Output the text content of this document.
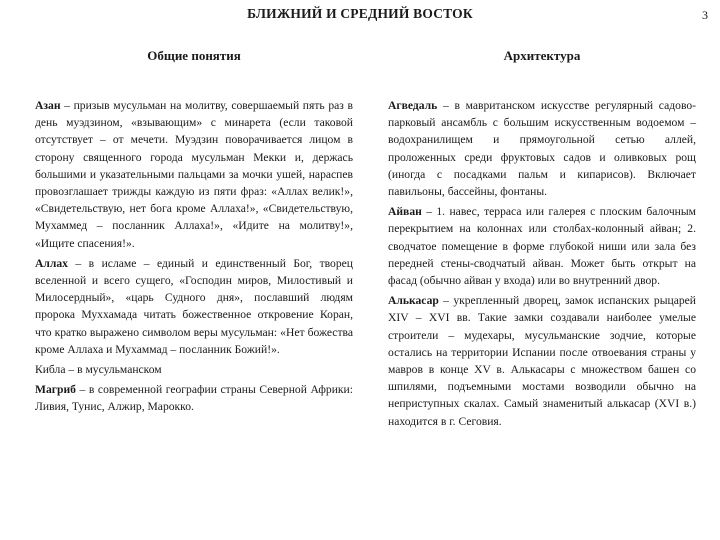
БЛИЖНИЙ И СРЕДНИЙ ВОСТОК	3
Общие понятия

Азан – призыв мусульман на молитву, совершаемый пять раз в день муэдзином, «взывающим» с минарета (если таковой отсутствует – от мечети. Муэдзин поворачивается лицом в сторону священного города мусульман Мекки и, держась большими и указательными пальцами за мочки ушей, нараспев провозглашает трижды каждую из пяти фраз: «Аллах велик!», «Свидетельствую, нет бога кроме Аллаха!», «Свидетельствую, Мухаммед – посланник Аллаха!», «Идите на молитву!», «Ищите спасения!».

Аллах – в исламе – единый и единственный Бог, творец вселенной и всего сущего, «Господин миров, Милостивый и Милосердный», «царь Судного дня», пославший людям пророка Муххамада читать божественное откровение Коран, что кратко выражено символом веры мусульман: «Нет божества кроме Аллаха и Мухаммад – посланник Божий!».

Кибла – в мусульманском

Магриб – в современной географии страны Северной Африки: Ливия, Тунис, Алжир, Марокко.

Архитектура

Агведаль – в мавританском искусстве регулярный садово-парковый ансамбль с большим искусственным водоемом – водохранилищем и прямоугольной сетью аллей, проложенных среди фруктовых садов и оливковых рощ (иногда с посадками пальм и кипарисов). Включает павильоны, бассейны, фонтаны.

Айван – 1. навес, терраса или галерея с плоским балочным перекрытием на колоннах или столбах-колонный айван; 2. сводчатое помещение в форме глубокой ниши или зала без передней стены-сводчатый айван. Может быть открыт на фасад (обычно айван у входа) или во внутренний двор.

Алькасар – укрепленный дворец, замок испанских рыцарей XIV – XVI вв. Такие замки создавали наиболее умелые строители – мудехары, мусульманские зодчие, которые остались на территории Испании после отвоевания страны у мавров в конце XV в. Алькасары с множеством башен со шпилями, подъемными мостами возводили обычно на неприступных скалах. Самый знаменитый алькасар (XVI в.) находится в г. Сеговия.
